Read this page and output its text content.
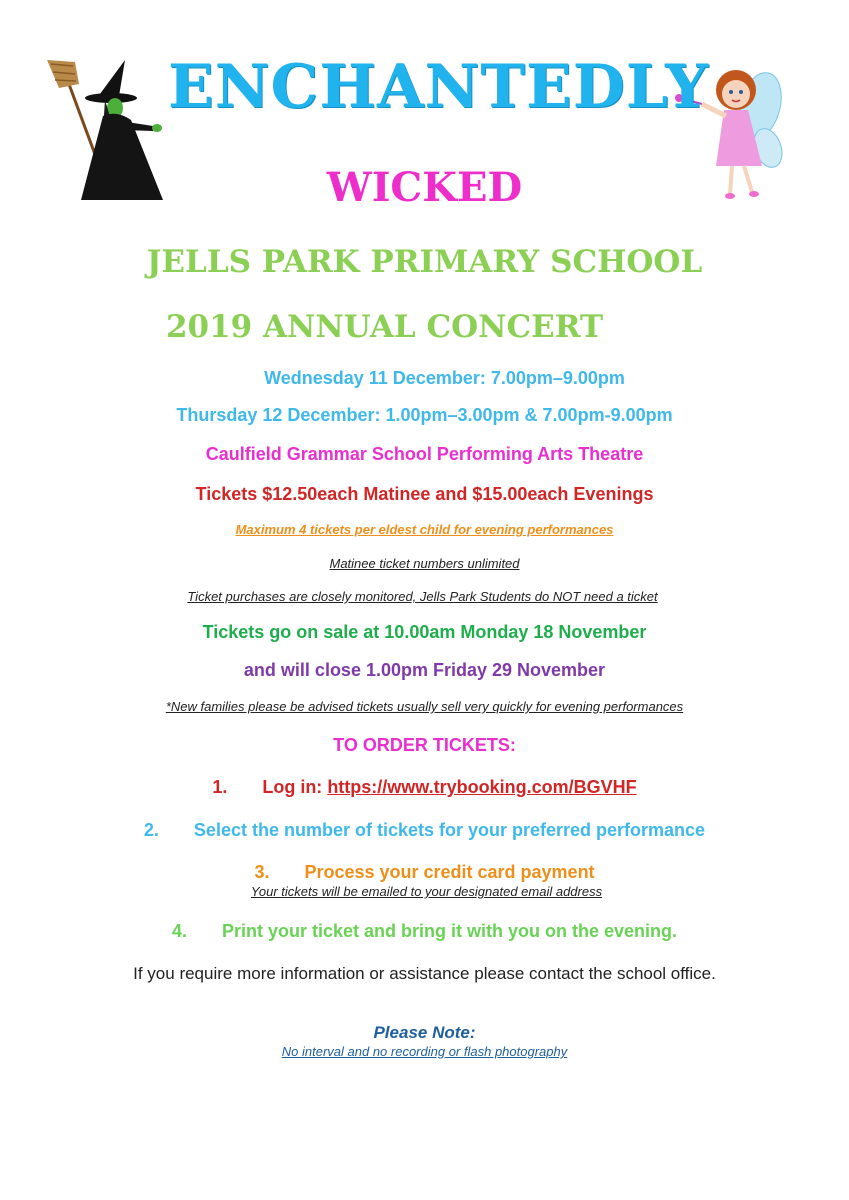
ENCHANTEDLY
WICKED
JELLS PARK PRIMARY SCHOOL
2019 ANNUAL CONCERT
Wednesday 11 December: 7.00pm–9.00pm
Thursday 12 December: 1.00pm–3.00pm & 7.00pm-9.00pm
Caulfield Grammar School Performing Arts Theatre
Tickets $12.50each Matinee and $15.00each Evenings
Maximum 4 tickets per eldest child for evening performances
Matinee ticket numbers unlimited
Ticket purchases are closely monitored, Jells Park Students do NOT need a ticket
Tickets go on sale at 10.00am Monday 18 November
and will close 1.00pm Friday 29 November
*New families please be advised tickets usually sell very quickly for evening performances
TO ORDER TICKETS:
1. Log in: https://www.trybooking.com/BGVHF
2. Select the number of tickets for your preferred performance
3. Process your credit card payment
Your tickets will be emailed to your designated email address
4. Print your ticket and bring it with you on the evening.
If you require more information or assistance please contact the school office.
Please Note:
No interval and no recording or flash photography
